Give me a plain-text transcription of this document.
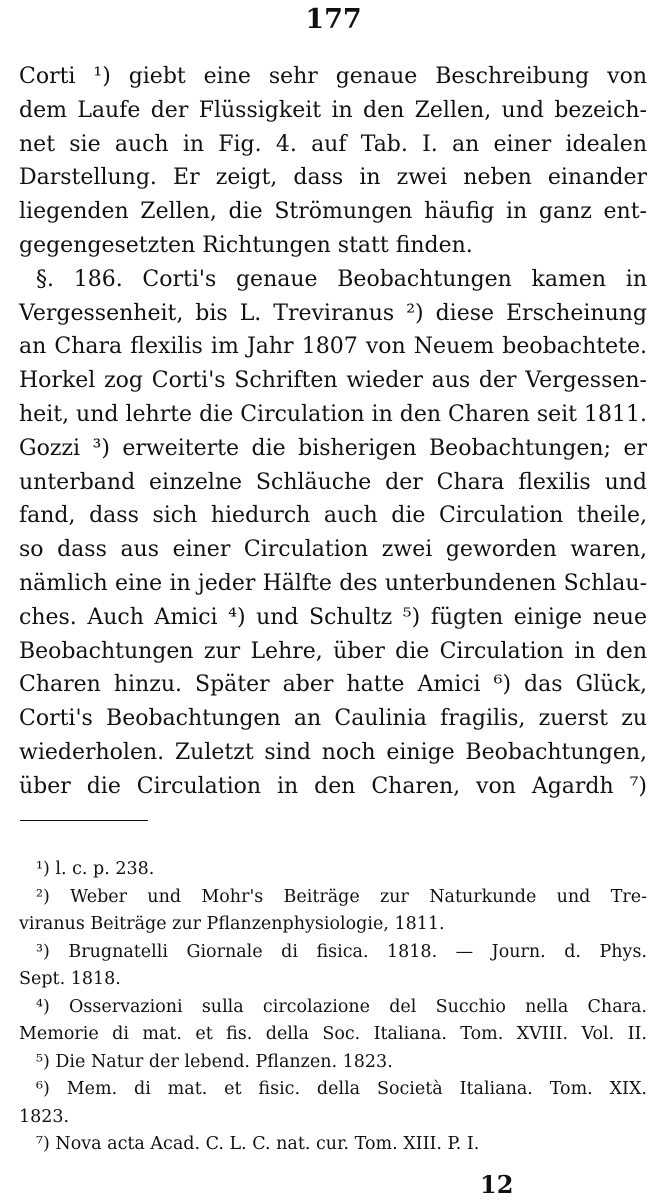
177
Corti ¹) giebt eine sehr genaue Beschreibung von
dem Laufe der Flüssigkeit in den Zellen, und bezeich-
net sie auch in Fig. 4. auf Tab. I. an einer idealen
Darstellung. Er zeigt, dass in zwei neben einander
liegenden Zellen, die Strömungen häufig in ganz ent-
gegengesetzten Richtungen statt finden.
§. 186. Corti's genaue Beobachtungen kamen in
Vergessenheit, bis L. Treviranus ²) diese Erscheinung
an Chara flexilis im Jahr 1807 von Neuem beobachtete.
Horkel zog Corti's Schriften wieder aus der Vergessen-
heit, und lehrte die Circulation in den Charen seit 1811.
Gozzi ³) erweiterte die bisherigen Beobachtungen; er
unterband einzelne Schläuche der Chara flexilis und
fand, dass sich hiedurch auch die Circulation theile,
so dass aus einer Circulation zwei geworden waren,
nämlich eine in jeder Hälfte des unterbundenen Schlau-
ches. Auch Amici ⁴) und Schultz ⁵) fügten einige neue
Beobachtungen zur Lehre, über die Circulation in den
Charen hinzu. Später aber hatte Amici ⁶) das Glück,
Corti's Beobachtungen an Caulinia fragilis, zuerst zu
wiederholen. Zuletzt sind noch einige Beobachtungen,
über die Circulation in den Charen, von Agardh ⁷)
¹) l. c. p. 238.
²) Weber und Mohr's Beiträge zur Naturkunde und Tre-
viranus Beiträge zur Pflanzenphysiologie, 1811.
³) Brugnatelli Giornale di fisica. 1818. — Journ. d. Phys.
Sept. 1818.
⁴) Osservazioni sulla circolazione del Succhio nella Chara.
Memorie di mat. et fis. della Soc. Italiana. Tom. XVIII. Vol. II.
⁵) Die Natur der lebend. Pflanzen. 1823.
⁶) Mem. di mat. et fisic. della Società Italiana. Tom. XIX.
1823.
⁷) Nova acta Acad. C. L. C. nat. cur. Tom. XIII. P. I.
12
